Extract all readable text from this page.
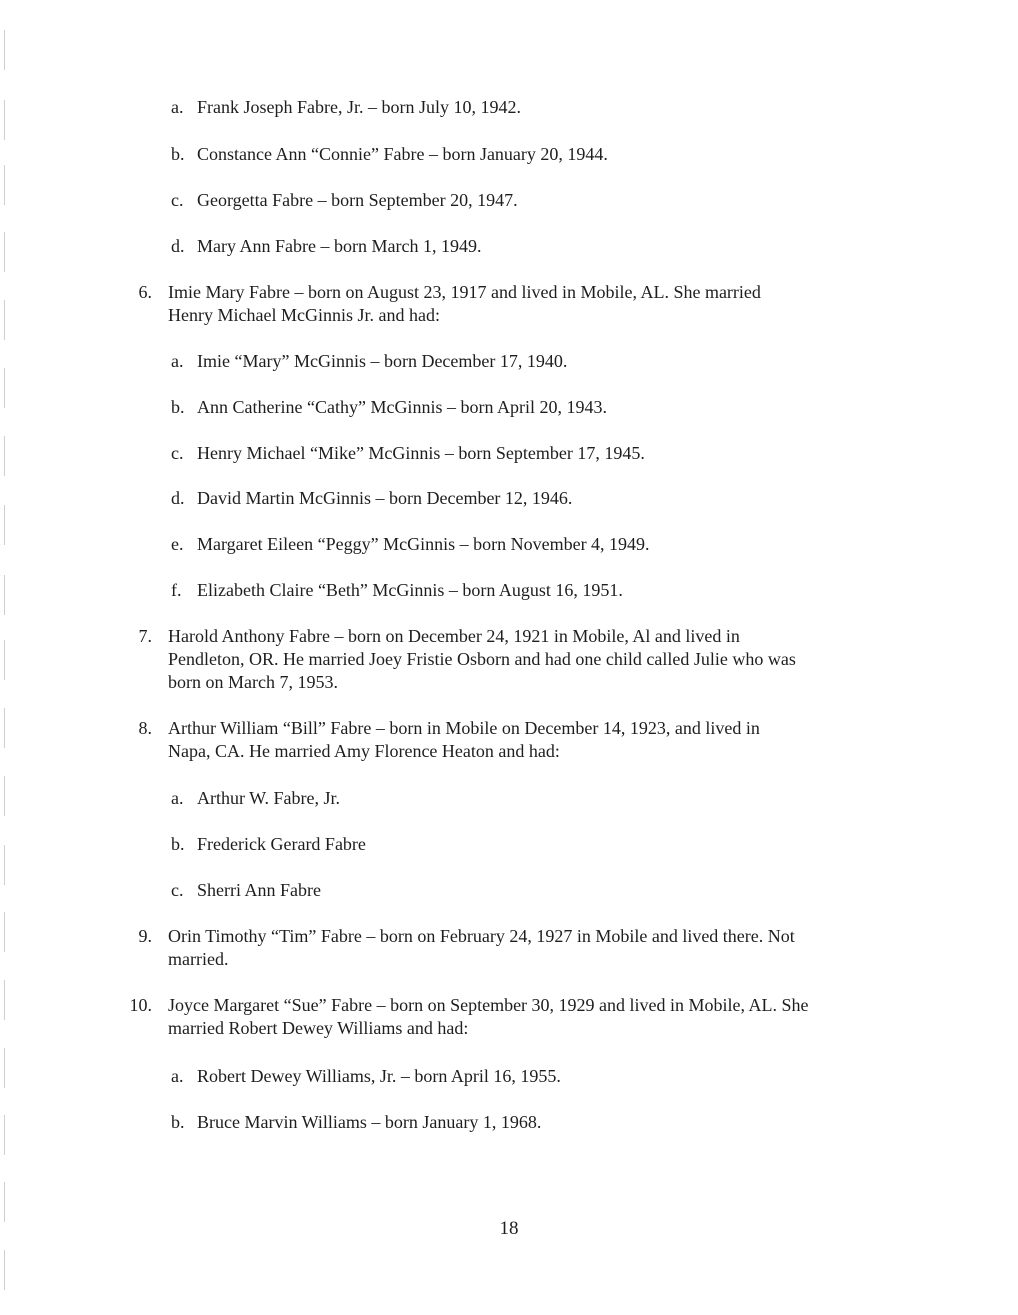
a. Frank Joseph Fabre, Jr. – born July 10, 1942.
b. Constance Ann “Connie” Fabre – born January 20, 1944.
c. Georgetta Fabre – born September 20, 1947.
d. Mary Ann Fabre – born March 1, 1949.
6. Imie Mary Fabre – born on August 23, 1917 and lived in Mobile, AL. She married
Henry Michael McGinnis Jr. and had:
a. Imie “Mary” McGinnis – born December 17, 1940.
b. Ann Catherine “Cathy” McGinnis – born April 20, 1943.
c. Henry Michael “Mike” McGinnis – born September 17, 1945.
d. David Martin McGinnis – born December 12, 1946.
e. Margaret Eileen “Peggy” McGinnis – born November 4, 1949.
f. Elizabeth Claire “Beth” McGinnis – born August 16, 1951.
7. Harold Anthony Fabre – born on December 24, 1921 in Mobile, Al and lived in
Pendleton, OR. He married Joey Fristie Osborn and had one child called Julie who was
born on March 7, 1953.
8. Arthur William “Bill” Fabre – born in Mobile on December 14, 1923, and lived in
Napa, CA. He married Amy Florence Heaton and had:
a. Arthur W. Fabre, Jr.
b. Frederick Gerard Fabre
c. Sherri Ann Fabre
9. Orin Timothy “Tim” Fabre – born on February 24, 1927 in Mobile and lived there. Not
married.
10. Joyce Margaret “Sue” Fabre – born on September 30, 1929 and lived in Mobile, AL. She
married Robert Dewey Williams and had:
a. Robert Dewey Williams, Jr. – born April 16, 1955.
b. Bruce Marvin Williams – born January 1, 1968.
18
